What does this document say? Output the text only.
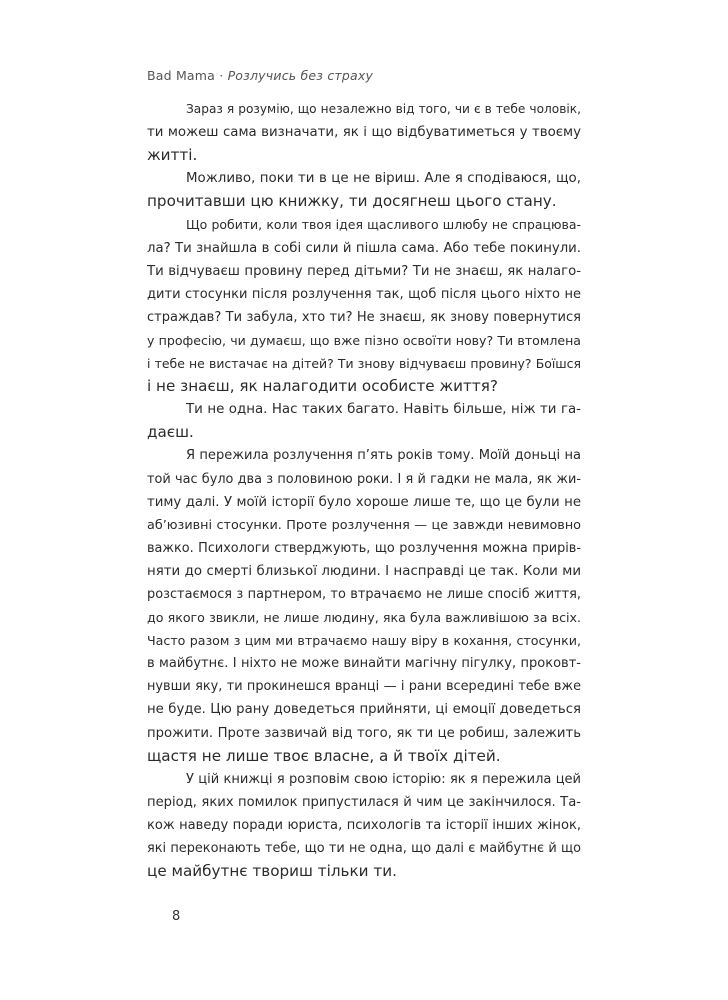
Bad Mama · Розлучись без страху
Зараз я розумію, що незалежно від того, чи є в тебе чоловік,
ти можеш сама визначати, як і що відбуватиметься у твоєму
житті.
Можливо, поки ти в це не віриш. Але я сподіваюся, що,
прочитавши цю книжку, ти досягнеш цього стану.
Що робити, коли твоя ідея щасливого шлюбу не спрацюва-
ла? Ти знайшла в собі сили й пішла сама. Або тебе покинули.
Ти відчуваєш провину перед дітьми? Ти не знаєш, як налаго-
дити стосунки після розлучення так, щоб після цього ніхто не
страждав? Ти забула, хто ти? Не знаєш, як знову повернутися
у професію, чи думаєш, що вже пізно освоїти нову? Ти втомлена
і тебе не вистачає на дітей? Ти знову відчуваєш провину? Боїшся
і не знаєш, як налагодити особисте життя?
Ти не одна. Нас таких багато. Навіть більше, ніж ти га-
даєш.
Я пережила розлучення п’ять років тому. Моїй доньці на
той час було два з половиною роки. І я й гадки не мала, як жи-
тиму далі. У моїй історії було хороше лише те, що це були не
аб’юзивні стосунки. Проте розлучення — це завжди невимовно
важко. Психологи стверджують, що розлучення можна прирів-
няти до смерті близької людини. І насправді це так. Коли ми
розстаємося з партнером, то втрачаємо не лише спосіб життя,
до якого звикли, не лише людину, яка була важливішою за всіх.
Часто разом з цим ми втрачаємо нашу віру в кохання, стосунки,
в майбутнє. І ніхто не може винайти магічну пігулку, проковт-
нувши яку, ти прокинешся вранці — і рани всередині тебе вже
не буде. Цю рану доведеться прийняти, ці емоції доведеться
прожити. Проте зазвичай від того, як ти це робиш, залежить
щастя не лише твоє власне, а й твоїх дітей.
У цій книжці я розповім свою історію: як я пережила цей
період, яких помилок припустилася й чим це закінчилося. Та-
кож наведу поради юриста, психологів та історії інших жінок,
які переконають тебе, що ти не одна, що далі є майбутнє й що
це майбутнє твориш тільки ти.
8
